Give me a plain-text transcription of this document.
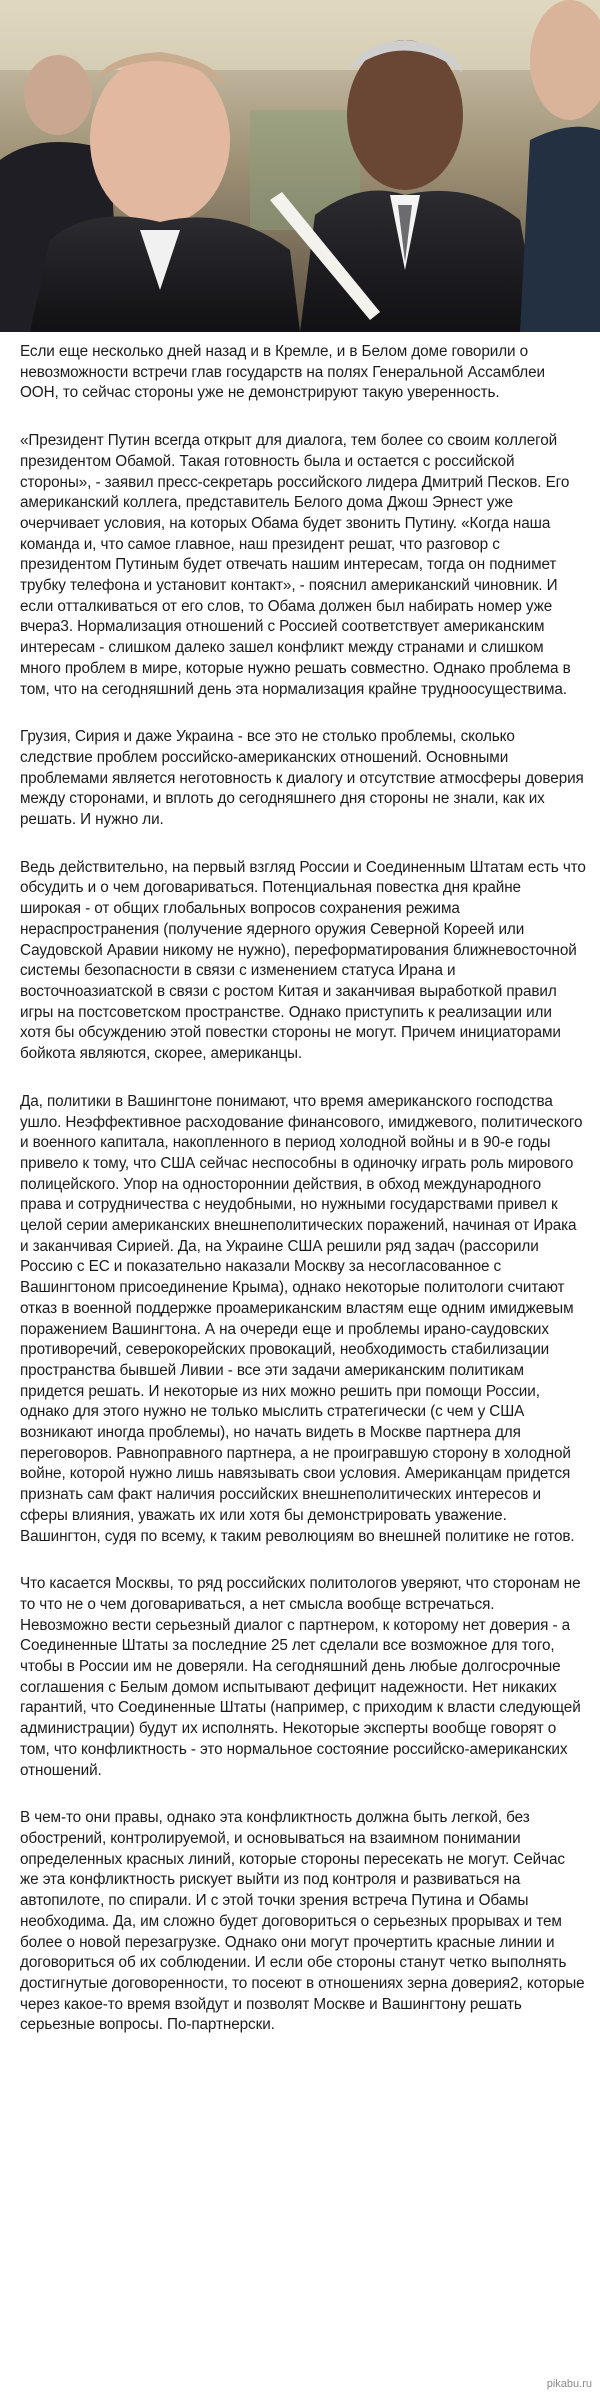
Если еще несколько дней назад и в Кремле, и в Белом доме говорили о невозможности встречи глав государств на полях Генеральной Ассамблеи ООН, то сейчас стороны уже не демонстрируют такую уверенность.

«Президент Путин всегда открыт для диалога, тем более со своим коллегой президентом Обамой. Такая готовность была и остается с российской стороны», - заявил пресс-секретарь российского лидера Дмитрий Песков. Его американский коллега, представитель Белого дома Джош Эрнест уже очерчивает условия, на которых Обама будет звонить Путину. «Когда наша команда и, что самое главное, наш президент решат, что разговор с президентом Путиным будет отвечать нашим интересам, тогда он поднимет трубку телефона и установит контакт», - пояснил американский чиновник. И если отталкиваться от его слов, то Обама должен был набирать номер уже вчера3. Нормализация отношений с Россией соответствует американским интересам - слишком далеко зашел конфликт между странами и слишком много проблем в мире, которые нужно решать совместно. Однако проблема в том, что на сегодняшний день эта нормализация крайне трудноосуществима.

Грузия, Сирия и даже Украина - все это не столько проблемы, сколько следствие проблем российско-американских отношений. Основными проблемами является неготовность к диалогу и отсутствие атмосферы доверия между сторонами, и вплоть до сегодняшнего дня стороны не знали, как их решать. И нужно ли.

Ведь действительно, на первый взгляд России и Соединенным Штатам есть что обсудить и о чем договариваться. Потенциальная повестка дня крайне широкая - от общих глобальных вопросов сохранения режима нераспространения (получение ядерного оружия Северной Кореей или Саудовской Аравии никому не нужно), переформатирования ближневосточной системы безопасности в связи с изменением статуса Ирана и восточноазиатской в связи с ростом Китая и заканчивая выработкой правил игры на постсоветском пространстве. Однако приступить к реализации или хотя бы обсуждению этой повестки стороны не могут. Причем инициаторами бойкота являются, скорее, американцы.

Да, политики в Вашингтоне понимают, что время американского господства ушло. Неэффективное расходование финансового, имиджевого, политического и военного капитала, накопленного в период холодной войны и в 90-е годы привело к тому, что США сейчас неспособны в одиночку играть роль мирового полицейского. Упор на одностороннии действия, в обход международного права и сотрудничества с неудобными, но нужными государствами привел к целой серии американских внешнеполитических поражений, начиная от Ирака и заканчивая Сирией. Да, на Украине США решили ряд задач (рассорили Россию с ЕС и показательно наказали Москву за несогласованное с Вашингтоном присоединение Крыма), однако некоторые политологи считают отказ в военной поддержке проамериканским властям еще одним имиджевым поражением Вашингтона. А на очереди еще и проблемы ирано-саудовских противоречий, северокорейских провокаций, необходимость стабилизации пространства бывшей Ливии - все эти задачи американским политикам придется решать. И некоторые из них можно решить при помощи России, однако для этого нужно не только мыслить стратегически (с чем у США возникают иногда проблемы), но начать видеть в Москве партнера для переговоров. Равноправного партнера, а не проигравшую сторону в холодной войне, которой нужно лишь навязывать свои условия. Американцам придется признать сам факт наличия российских внешнеполитических интересов и сферы влияния, уважать их или хотя бы демонстрировать уважение. Вашингтон, судя по всему, к таким революциям во внешней политике не готов.

Что касается Москвы, то ряд российских политологов уверяют, что сторонам не то что не о чем договариваться, а нет смысла вообще встречаться. Невозможно вести серьезный диалог с партнером, к которому нет доверия - а Соединенные Штаты за последние 25 лет сделали все возможное для того, чтобы в России им не доверяли. На сегодняшний день любые долгосрочные соглашения с Белым домом испытывают дефицит надежности. Нет никаких гарантий, что Соединенные Штаты (например, с приходим к власти следующей администрации) будут их исполнять. Некоторые эксперты вообще говорят о том, что конфликтность - это нормальное состояние российско-американских отношений.

В чем-то они правы, однако эта конфликтность должна быть легкой, без обострений, контролируемой, и основываться на взаимном понимании определенных красных линий, которые стороны пересекать не могут. Сейчас же эта конфликтность рискует выйти из под контроля и развиваться на автопилоте, по спирали. И с этой точки зрения встреча Путина и Обамы необходима. Да, им сложно будет договориться о серьезных прорывах и тем более о новой перезагрузке. Однако они могут прочертить красные линии и договориться об их соблюдении. И если обе стороны станут четко выполнять достигнутые договоренности, то посеют в отношениях зерна доверия2, которые через какое-то время взойдут и позволят Москве и Вашингтону решать серьезные вопросы. По-партнерски.

pikabu.ru
